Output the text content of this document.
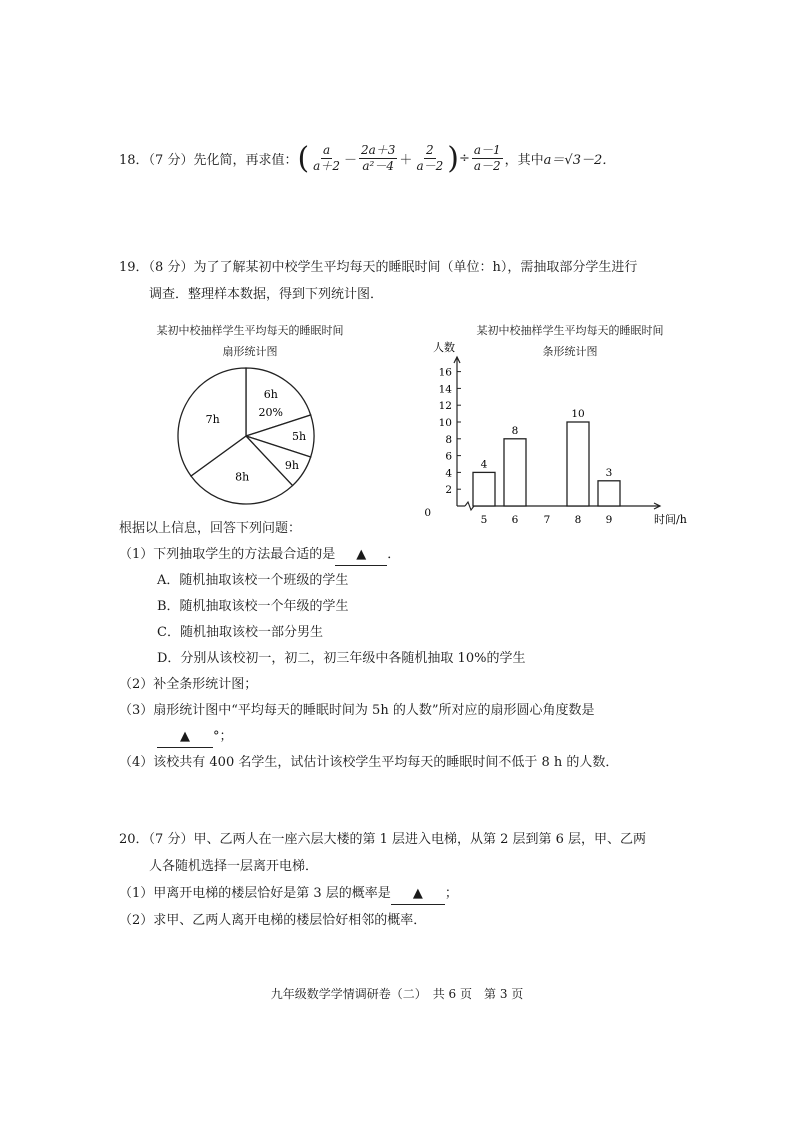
18．（7 分）先化简，再求值： ( $\frac{a}{a+2} - \frac{2a+3}{\text{a²－4}} + \frac{2}{a-2}$ ) ÷ $\frac{a-1}{a-2}$ ，其中 a＝√3－2．
19．（8 分）为了了解某初中校学生平均每天的睡眠时间（单位：h），需抽取部分学生进行
调查．整理样本数据，得到下列统计图．
某初中校抽样学生平均每天的睡眠时间
扇形统计图
6h
20%
5h
9h
8h
7h
某初中校抽样学生平均每天的睡眠时间
条形统计图
人数
时间/h
0
2
4
6
8
10
12
14
16
4
8
10
3
5 6 7 8 9
根据以上信息，回答下列问题：
（1）下列抽取学生的方法最合适的是 ▲ ．
A．随机抽取该校一个班级的学生
B．随机抽取该校一个年级的学生
C．随机抽取该校一部分男生
D．分别从该校初一，初二，初三年级中各随机抽取 10%的学生
（2）补全条形统计图；
（3）扇形统计图中“平均每天的睡眠时间为 5h 的人数”所对应的扇形圆心角度数是
▲ °；
（4）该校共有 400 名学生，试估计该校学生平均每天的睡眠时间不低于 8 h 的人数．
20．（7 分）甲、乙两人在一座六层大楼的第 1 层进入电梯，从第 2 层到第 6 层，甲、乙两
人各随机选择一层离开电梯．
（1）甲离开电梯的楼层恰好是第 3 层的概率是 ▲ ；
（2）求甲、乙两人离开电梯的楼层恰好相邻的概率．
九年级数学学情调研卷（二）　共 6 页　第 3 页
